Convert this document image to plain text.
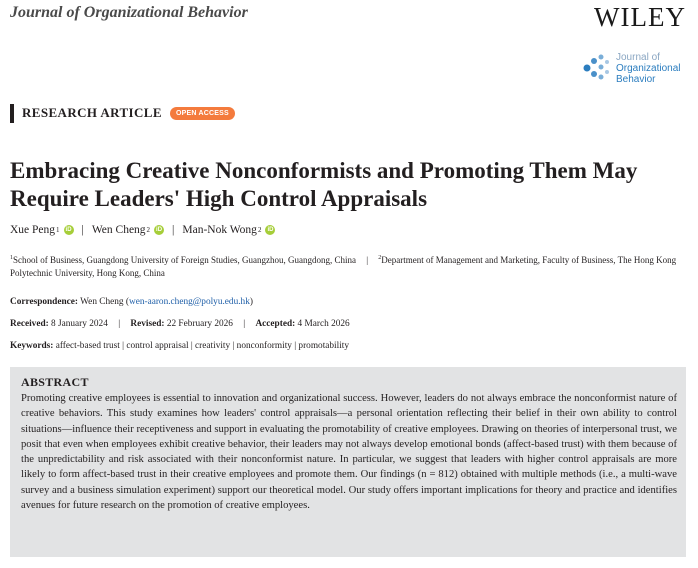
Journal of Organizational Behavior	WILEY
Journal of
Organizational
Behavior
RESEARCH ARTICLE	OPEN ACCESS
Embracing Creative Nonconformists and Promoting Them May Require Leaders' High Control Appraisals
Xue Peng 1	iD | Wen Cheng 2	iD | Man-Nok Wong 2	iD
$^1$School of Business, Guangdong University of Foreign Studies, Guangzhou, Guangdong, China | $^2$Department of Management and Marketing, Faculty of Business, The Hong Kong Polytechnic University, Hong Kong, China
Correspondence: Wen Cheng (wen-aaron.cheng@polyu.edu.hk)
Received: 8 January 2024 | Revised: 22 February 2026 | Accepted: 4 March 2026
Keywords: affect-based trust | control appraisal | creativity | nonconformity | promotability
ABSTRACT

Promoting creative employees is essential to innovation and organizational success. However, leaders do not always embrace the nonconformist nature of creative behaviors. This study examines how leaders' control appraisals—a personal orientation reflecting their belief in their own ability to control situations—influence their receptiveness and support in evaluating the promotability of creative employees. Drawing on theories of interpersonal trust, we posit that even when employees exhibit creative behavior, their leaders may not always develop emotional bonds (affect-based trust) with them because of the unpredictability and risk associated with their nonconformist nature. In particular, we suggest that leaders with higher control appraisals are more likely to form affect-based trust in their creative employees and promote them. Our findings (n = 812) obtained with multiple methods (i.e., a multi-wave survey and a business simulation experiment) support our theoretical model. Our study offers important implications for theory and practice and identifies avenues for future research on the promotion of creative employees.
